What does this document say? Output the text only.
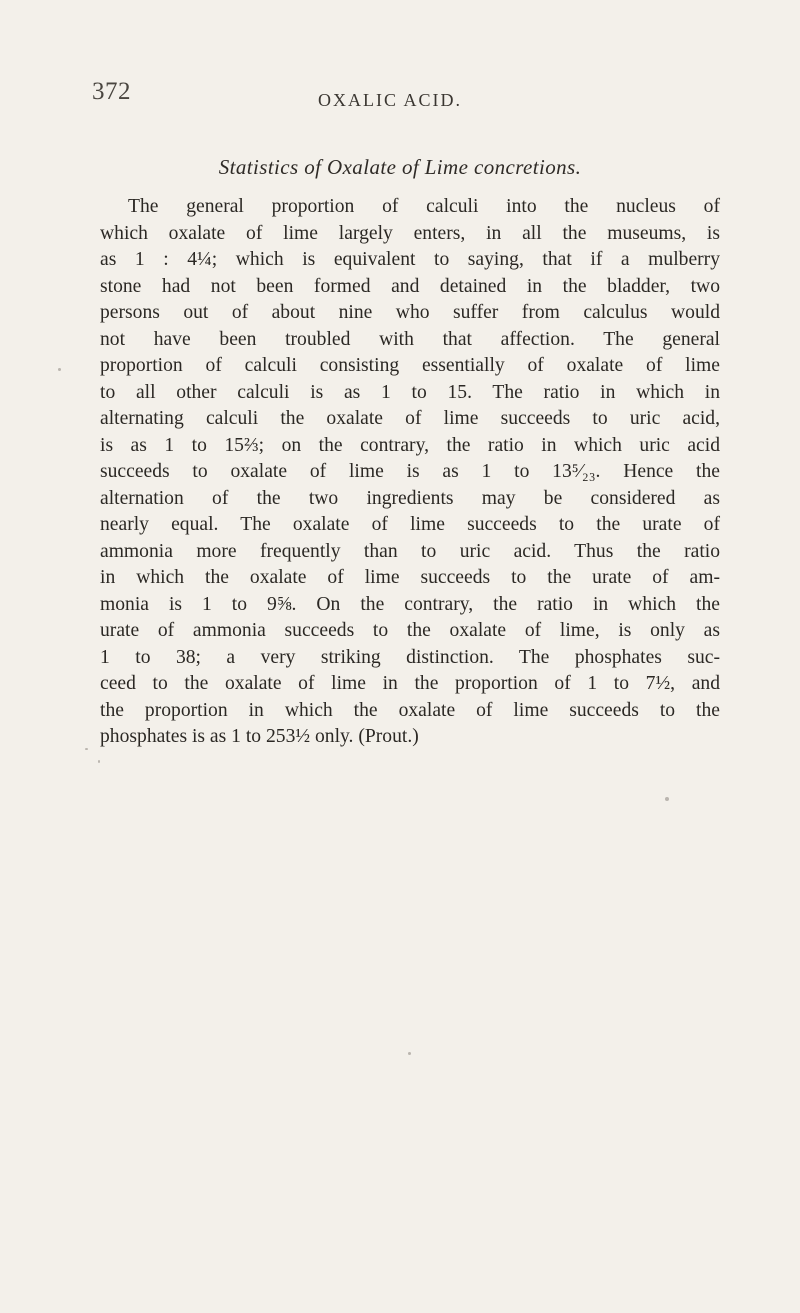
372	OXALIC ACID.
Statistics of Oxalate of Lime concretions.
The general proportion of calculi into the nucleus of
which oxalate of lime largely enters, in all the museums, is
as 1 : 4¼; which is equivalent to saying, that if a mulberry
stone had not been formed and detained in the bladder, two
persons out of about nine who suffer from calculus would
not have been troubled with that affection. The general
proportion of calculi consisting essentially of oxalate of lime
to all other calculi is as 1 to 15. The ratio in which in
alternating calculi the oxalate of lime succeeds to uric acid,
is as 1 to 15⅔; on the contrary, the ratio in which uric acid
succeeds to oxalate of lime is as 1 to 13⁵⁄₂₃. Hence the
alternation of the two ingredients may be considered as
nearly equal. The oxalate of lime succeeds to the urate of
ammonia more frequently than to uric acid. Thus the ratio
in which the oxalate of lime succeeds to the urate of am-
monia is 1 to 9⅝. On the contrary, the ratio in which the
urate of ammonia succeeds to the oxalate of lime, is only as
1 to 38; a very striking distinction. The phosphates suc-
ceed to the oxalate of lime in the proportion of 1 to 7½, and
the proportion in which the oxalate of lime succeeds to the
phosphates is as 1 to 253½ only. (Prout.)
